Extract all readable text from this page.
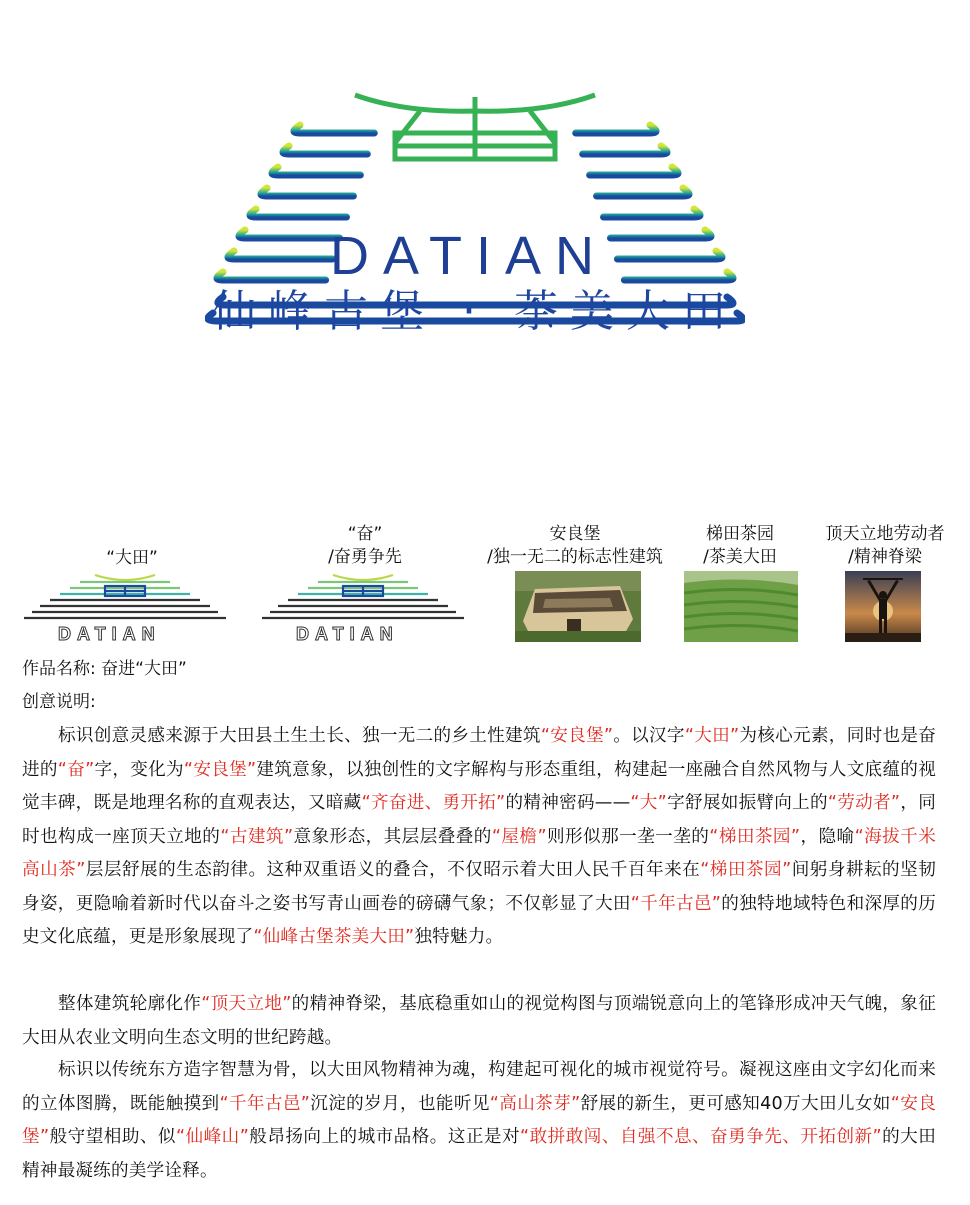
DATIAN
仙峰古堡 · 茶美大田
“大田”
“奋”
/奋勇争先
安良堡
/独一无二的标志性建筑
梯田茶园
/茶美大田
顶天立地劳动者
/精神脊梁
DATIAN	DATIAN
作品名称: 奋进“大田”
创意说明:
标识创意灵感来源于大田县土生土长、独一无二的乡土性建筑“安良堡”。以汉字“大田”为核心元素，同时也是奋进的“奋”字，变化为“安良堡”建筑意象，以独创性的文字解构与形态重组，构建起一座融合自然风物与人文底蕴的视觉丰碑，既是地理名称的直观表达，又暗藏“齐奋进、勇开拓”的精神密码——“大”字舒展如振臂向上的“劳动者”，同时也构成一座顶天立地的“古建筑”意象形态，其层层叠叠的“屋檐”则形似那一垄一垄的“梯田茶园”，隐喻“海拔千米高山茶”层层舒展的生态韵律。这种双重语义的叠合，不仅昭示着大田人民千百年来在“梯田茶园”间躬身耕耘的坚韧身姿，更隐喻着新时代以奋斗之姿书写青山画卷的磅礴气象；不仅彰显了大田“千年古邑”的独特地域特色和深厚的历史文化底蕴，更是形象展现了“仙峰古堡茶美大田”独特魅力。
整体建筑轮廓化作“顶天立地”的精神脊梁，基底稳重如山的视觉构图与顶端锐意向上的笔锋形成冲天气魄，象征大田从农业文明向生态文明的世纪跨越。
标识以传统东方造字智慧为骨，以大田风物精神为魂，构建起可视化的城市视觉符号。凝视这座由文字幻化而来的立体图腾，既能触摸到“千年古邑”沉淀的岁月，也能听见“高山茶芽”舒展的新生，更可感知40万大田儿女如“安良堡”般守望相助、似“仙峰山”般昂扬向上的城市品格。这正是对“敢拼敢闯、自强不息、奋勇争先、开拓创新”的大田精神最凝练的美学诠释。
